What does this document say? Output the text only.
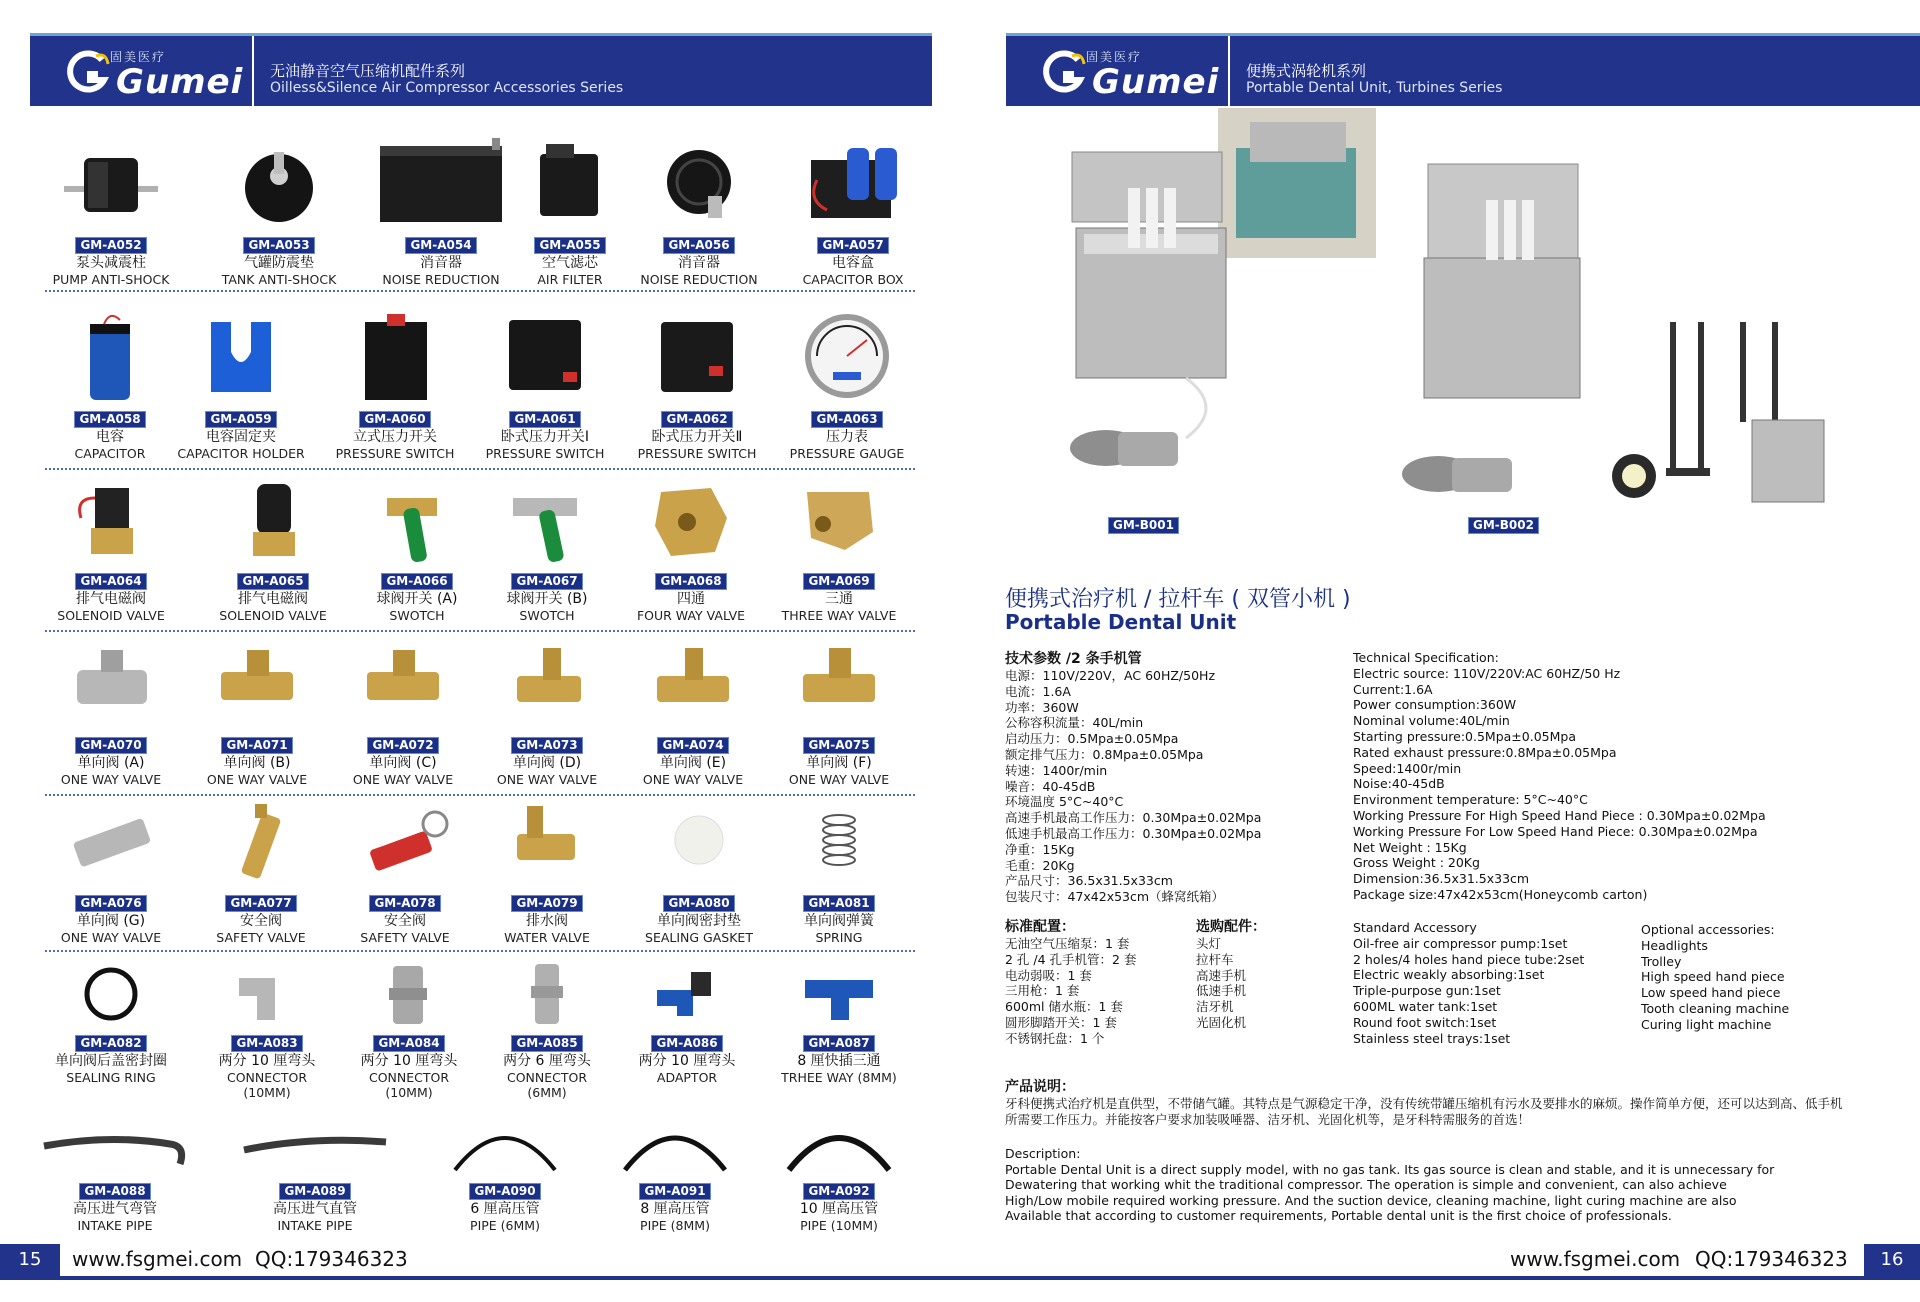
固美医疗
Gumei 无油静音空气压缩机配件系列
Oilless&Silence Air Compressor Accessories Series
GM-A052
泵头减震柱
PUMP ANTI-SHOCK
GM-A053
气罐防震垫
TANK ANTI-SHOCK
GM-A054
消音器
NOISE REDUCTION
GM-A055
空气滤芯
AIR FILTER
GM-A056
消音器
NOISE REDUCTION
GM-A057
电容盒
CAPACITOR BOX
GM-A058
电容
CAPACITOR
GM-A059
电容固定夹
CAPACITOR HOLDER
GM-A060
立式压力开关
PRESSURE SWITCH
GM-A061
卧式压力开关Ⅰ
PRESSURE SWITCH
GM-A062
卧式压力开关Ⅱ
PRESSURE SWITCH
GM-A063
压力表
PRESSURE GAUGE
GM-A064
排气电磁阀
SOLENOID VALVE
GM-A065
排气电磁阀
SOLENOID VALVE
GM-A066
球阀开关 (A)
SWOTCH
GM-A067
球阀开关 (B)
SWOTCH
GM-A068
四通
FOUR WAY VALVE
GM-A069
三通
THREE WAY VALVE
GM-A070
单向阀 (A)
ONE WAY VALVE
GM-A071
单向阀 (B)
ONE WAY VALVE
GM-A072
单向阀 (C)
ONE WAY VALVE
GM-A073
单向阀 (D)
ONE WAY VALVE
GM-A074
单向阀 (E)
ONE WAY VALVE
GM-A075
单向阀 (F)
ONE WAY VALVE
GM-A076
单向阀 (G)
ONE WAY VALVE
GM-A077
安全阀
SAFETY VALVE
GM-A078
安全阀
SAFETY VALVE
GM-A079
排水阀
WATER VALVE
GM-A080
单向阀密封垫
SEALING GASKET
GM-A081
单向阀弹簧
SPRING
GM-A082
单向阀后盖密封圈
SEALING RING
GM-A083
两分 10 厘弯头
CONNECTOR
(10MM)
GM-A084
两分 10 厘弯头
CONNECTOR
(10MM)
GM-A085
两分 6 厘弯头
CONNECTOR
(6MM)
GM-A086
两分 10 厘弯头
ADAPTOR
GM-A087
8 厘快插三通
TRHEE WAY (8MM)
GM-A088
高压进气弯管
INTAKE PIPE
GM-A089
高压进气直管
INTAKE PIPE
GM-A090
6 厘高压管
PIPE (6MM)
GM-A091
8 厘高压管
PIPE (8MM)
GM-A092
10 厘高压管
PIPE (10MM)
15	www.fsgmei.com QQ:179346323
固美医疗
Gumei 便携式涡轮机系列
Portable Dental Unit, Turbines Series
GM-B001	GM-B002
便携式治疗机 / 拉杆车 ( 双管小机 )
Portable Dental Unit
技术参数 /2 条手机管
电源：110V/220V，AC 60HZ/50Hz
电流：1.6A
功率：360W
公称容积流量：40L/min
启动压力：0.5Mpa±0.05Mpa
额定排气压力：0.8Mpa±0.05Mpa
转速：1400r/min
噪音：40-45dB
环境温度 5°C~40°C
高速手机最高工作压力：0.30Mpa±0.02Mpa
低速手机最高工作压力：0.30Mpa±0.02Mpa
净重：15Kg
毛重：20Kg
产品尺寸：36.5x31.5x33cm
包装尺寸：47x42x53cm（蜂窝纸箱）
Technical Specification:
Electric source: 110V/220V:AC 60HZ/50 Hz
Current:1.6A
Power consumption:360W
Nominal volume:40L/min
Starting pressure:0.5Mpa±0.05Mpa
Rated exhaust pressure:0.8Mpa±0.05Mpa
Speed:1400r/min
Noise:40-45dB
Environment temperature: 5°C~40°C
Working Pressure For High Speed Hand Piece : 0.30Mpa±0.02Mpa
Working Pressure For Low Speed Hand Piece: 0.30Mpa±0.02Mpa
Net Weight : 15Kg
Gross Weight : 20Kg
Dimension:36.5x31.5x33cm
Package size:47x42x53cm(Honeycomb carton)
标准配置：
无油空气压缩泵：1 套
2 孔 /4 孔手机管：2 套
电动弱吸：1 套
三用枪：1 套
600ml 储水瓶：1 套
圆形脚踏开关：1 套
不锈钢托盘：1 个
选购配件：
头灯
拉杆车
高速手机
低速手机
洁牙机
光固化机
Standard Accessory
Oil-free air compressor pump:1set
2 holes/4 holes hand piece tube:2set
Electric weakly absorbing:1set
Triple-purpose gun:1set
600ML water tank:1set
Round foot switch:1set
Stainless steel trays:1set
Optional accessories:
Headlights
Trolley
High speed hand piece
Low speed hand piece
Tooth cleaning machine
Curing light machine
产品说明：
牙科便携式治疗机是直供型，不带储气罐。其特点是气源稳定干净，没有传统带罐压缩机有污水及要排水的麻烦。操作简单方便，还可以达到高、低手机
所需要工作压力。并能按客户要求加装吸唾器、洁牙机、光固化机等，是牙科特需服务的首选！
Description:
Portable Dental Unit is a direct supply model, with no gas tank. Its gas source is clean and stable, and it is unnecessary for
Dewatering that working whit the traditional compressor. The operation is simple and convenient, can also achieve
High/Low mobile required working pressure. And the suction device, cleaning machine, light curing machine are also
Available that according to customer requirements, Portable dental unit is the first choice of professionals.
www.fsgmei.com QQ:179346323	16
